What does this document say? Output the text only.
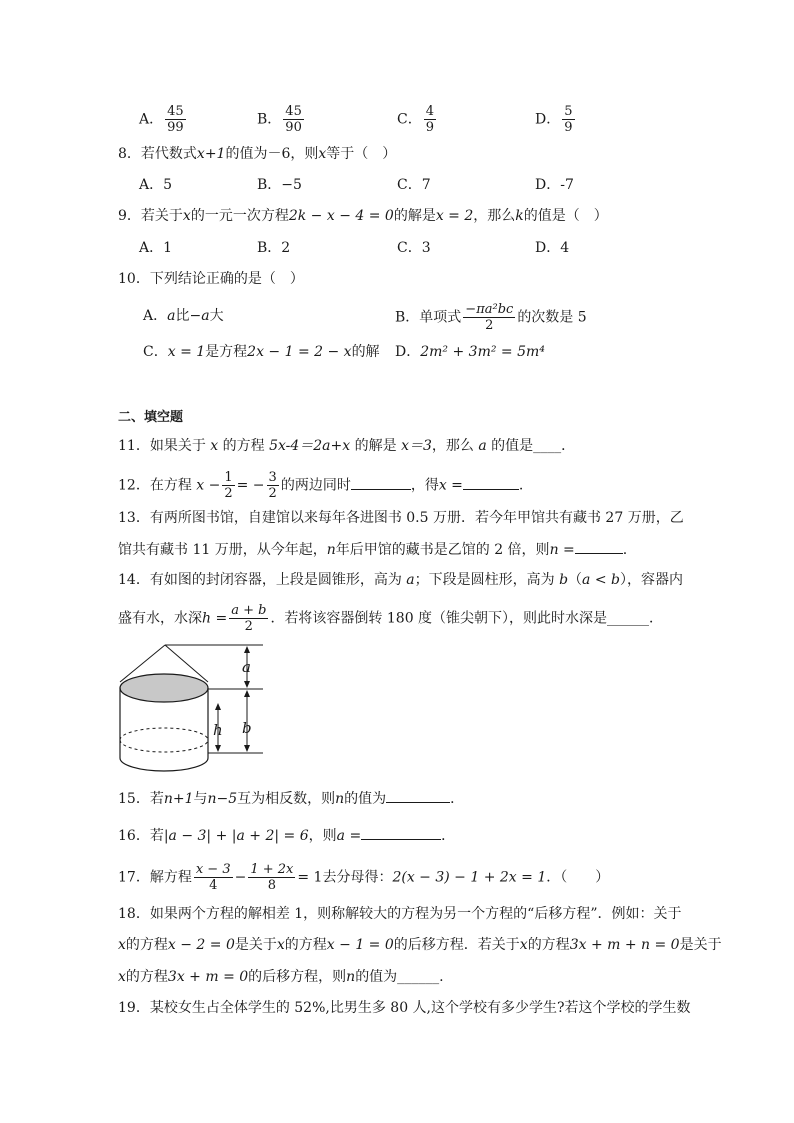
A． $\frac{45}{99}$	B． $\frac{45}{90}$	C． $\frac{4}{9}$	D． $\frac{5}{9}$
8．若代数式x+1的值为－6，则x等于（　）
A．5	B．−5	C．7	D．-7
9．若关于x的一元一次方程2k − x − 4 = 0的解是x = 2，那么k的值是（　）
A．1	B．2	C．3	D．4
10．下列结论正确的是（　）
A．a比−a大	B．单项式 $\frac{\text{−πa²bc}}{2}$ 的次数是 5
C．x = 1是方程2x − 1 = 2 − x的解 D．2m² + 3m² = 5m⁴
二、填空题
11．如果关于 x 的方程 5x-4＝2a+x 的解是 x＝3，那么 a 的值是____．
12．在方程 $x - \frac{1}{2}$ = − $\frac{3}{2}$ 的两边同时	，得x =	.
13．有两所图书馆，自建馆以来每年各进图书 0.5 万册．若今年甲馆共有藏书 27 万册，乙
馆共有藏书 11 万册，从今年起，n年后甲馆的藏书是乙馆的 2 倍，则n =	.
14．有如图的封闭容器，上段是圆锥形，高为 a；下段是圆柱形，高为 b（a < b），容器内
盛有水，水深$h = \frac{a + b}{2}$ ．若将该容器倒转 180 度（锥尖朝下），则此时水深是______．
a
b
h
15．若n+1与n−5互为相反数，则n的值为	．
16．若|a − 3| + |a + 2| = 6，则a =	．
17．解方程 $\frac{x - 3}{4} - \frac{1 + 2x}{8} = 1$去分母得：2(x − 3) − 1 + 2x = 1．（　　）
18．如果两个方程的解相差 1，则称解较大的方程为另一个方程的“后移方程”．例如：关于
x的方程x − 2 = 0是关于x的方程x − 1 = 0的后移方程．若关于x的方程3x + m + n = 0是关于
x的方程3x + m = 0的后移方程，则n的值为______.
19．某校女生占全体学生的 52%,比男生多 80 人,这个学校有多少学生?若这个学校的学生数
